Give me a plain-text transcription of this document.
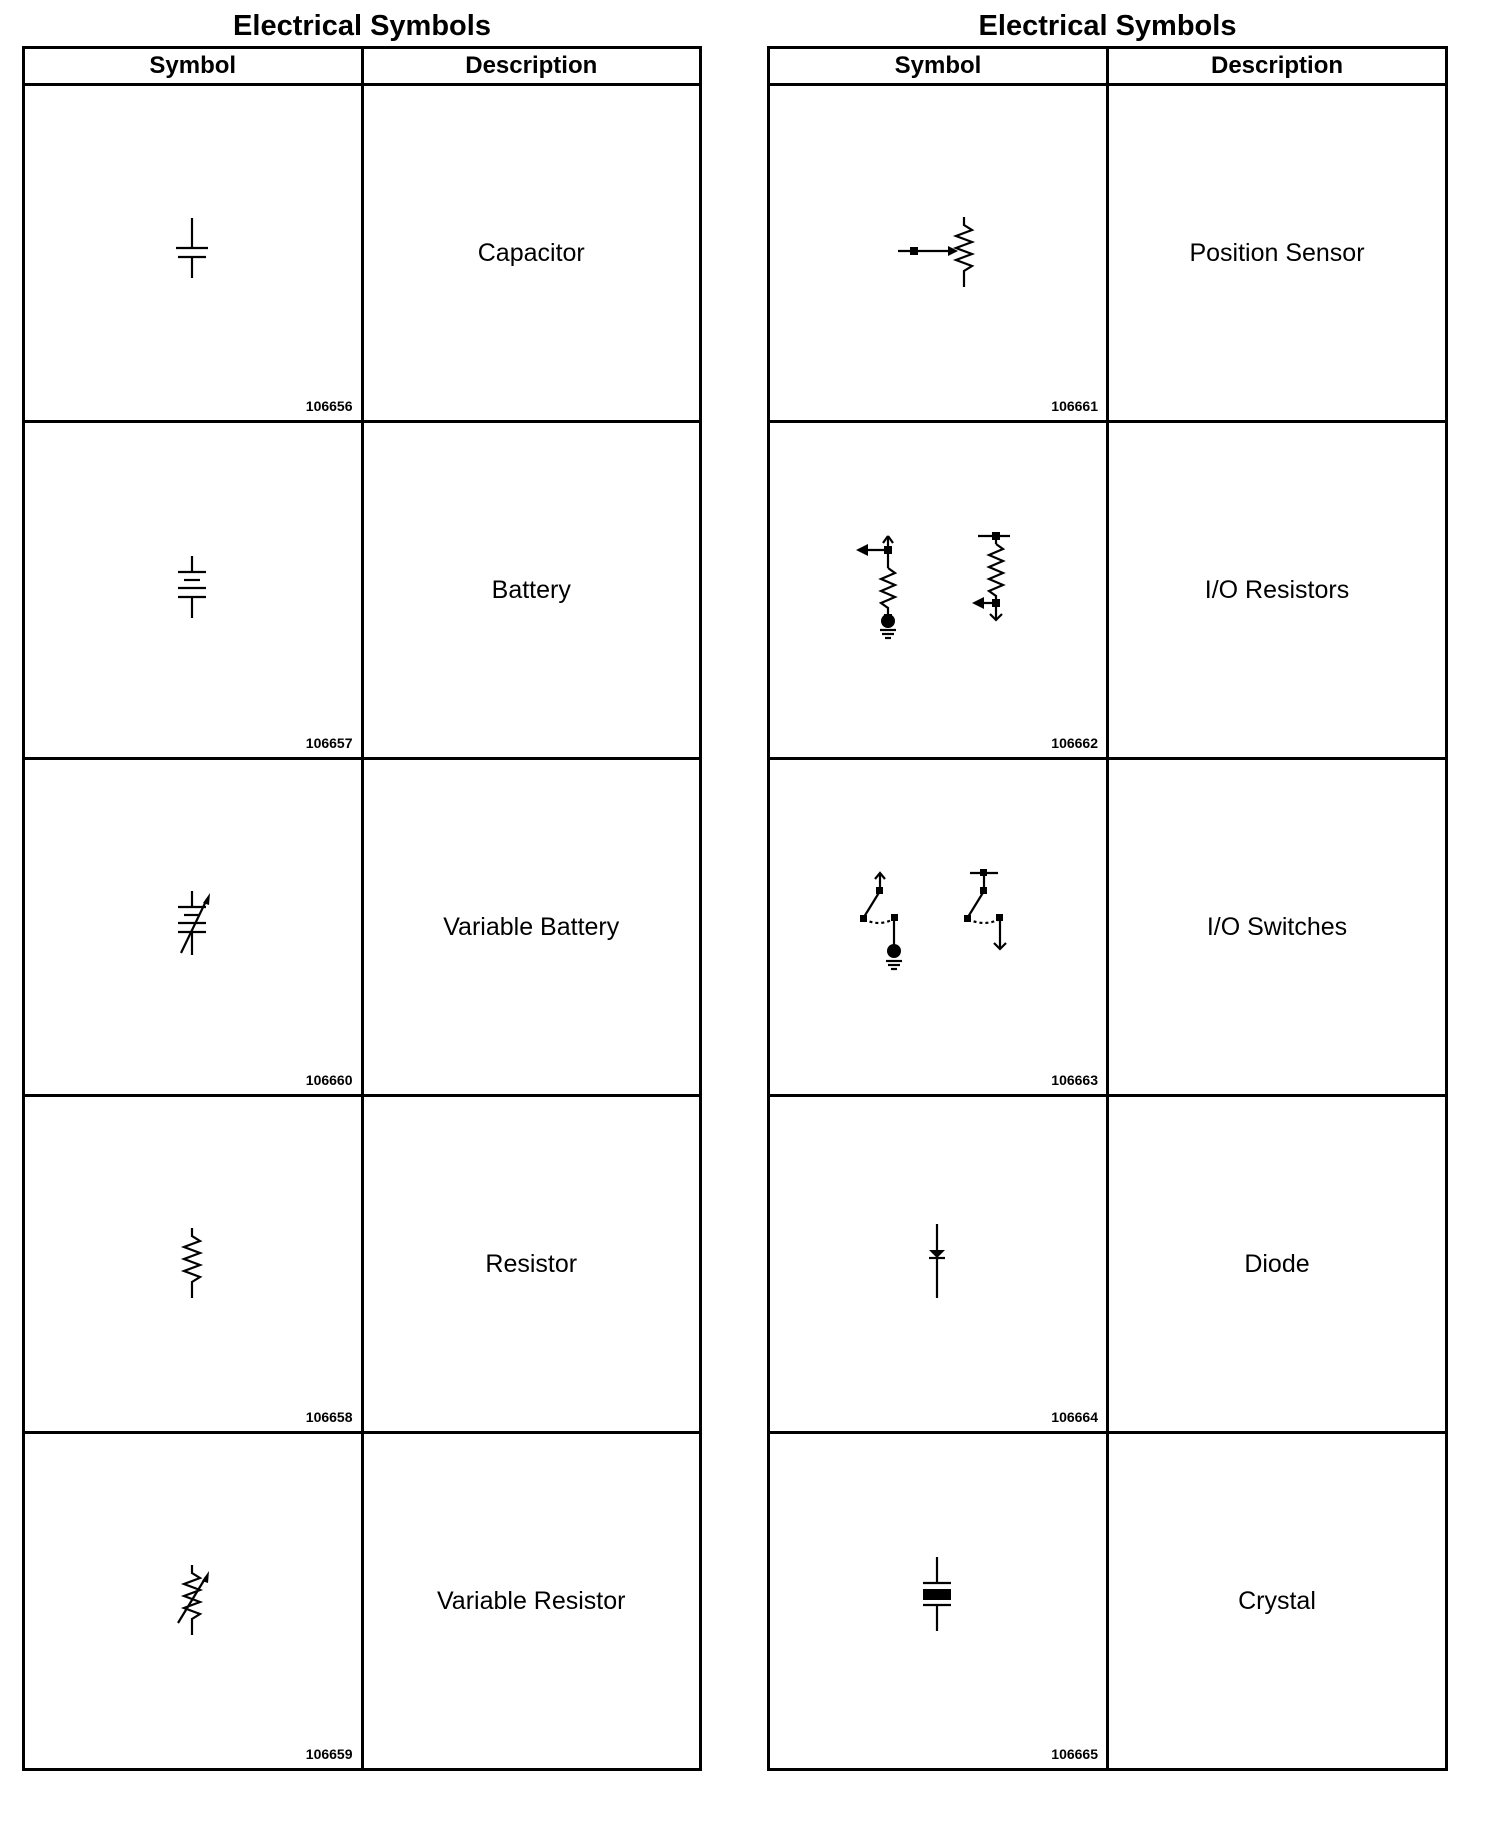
Electrical Symbols
Symbol	Description

106656	Capacitor

106657	Battery

106660	Variable Battery

106658	Resistor

106659	Variable Resistor
Electrical Symbols
Symbol	Description

106661	Position Sensor

106662	I/O Resistors

106663	I/O Switches

106664	Diode

106665	Crystal
